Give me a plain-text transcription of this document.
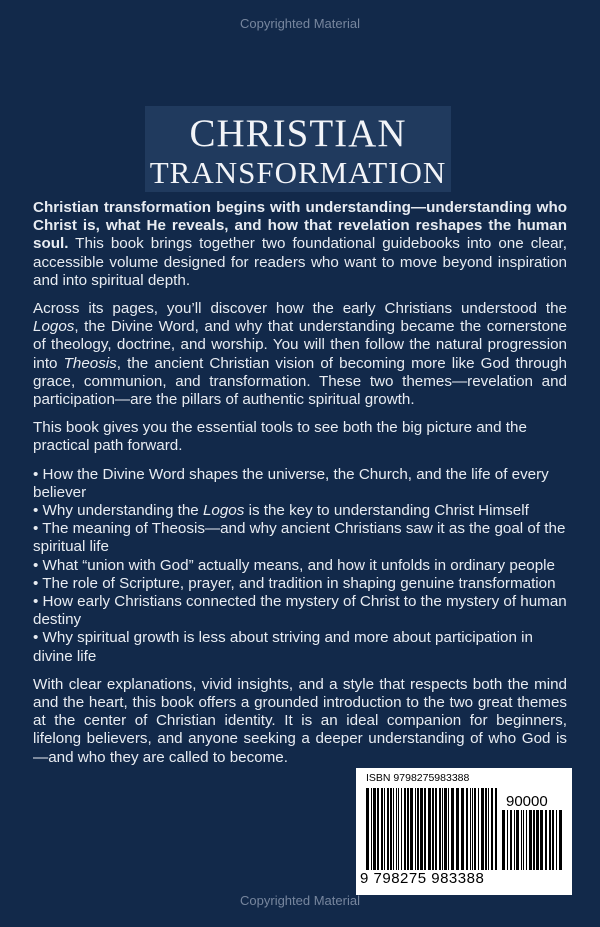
Copyrighted Material
CHRISTIAN
TRANSFORMATION

Christian transformation begins with understanding—understanding who Christ is, what He reveals, and how that revelation reshapes the human soul. This book brings together two foundational guidebooks into one clear, accessible volume designed for readers who want to move beyond inspiration and into spiritual depth.

Across its pages, you’ll discover how the early Christians understood the Logos, the Divine Word, and why that understanding became the cornerstone of theology, doctrine, and worship. You will then follow the natural progression into Theosis, the ancient Christian vision of becoming more like God through grace, communion, and transformation. These two themes—revelation and participation—are the pillars of authentic spiritual growth.

This book gives you the essential tools to see both the big picture and the practical path forward.

• How the Divine Word shapes the universe, the Church, and the life of every believer
• Why understanding the Logos is the key to understanding Christ Himself
• The meaning of Theosis—and why ancient Christians saw it as the goal of the spiritual life
• What “union with God” actually means, and how it unfolds in ordinary people
• The role of Scripture, prayer, and tradition in shaping genuine transformation
• How early Christians connected the mystery of Christ to the mystery of human destiny
• Why spiritual growth is less about striving and more about participation in divine life

With clear explanations, vivid insights, and a style that respects both the mind and the heart, this book offers a grounded introduction to the two great themes at the center of Christian identity. It is an ideal companion for beginners, lifelong believers, and anyone seeking a deeper understanding of who God is—and who they are called to become.

ISBN 9798275983388
90000
9 798275 983388
Copyrighted Material
